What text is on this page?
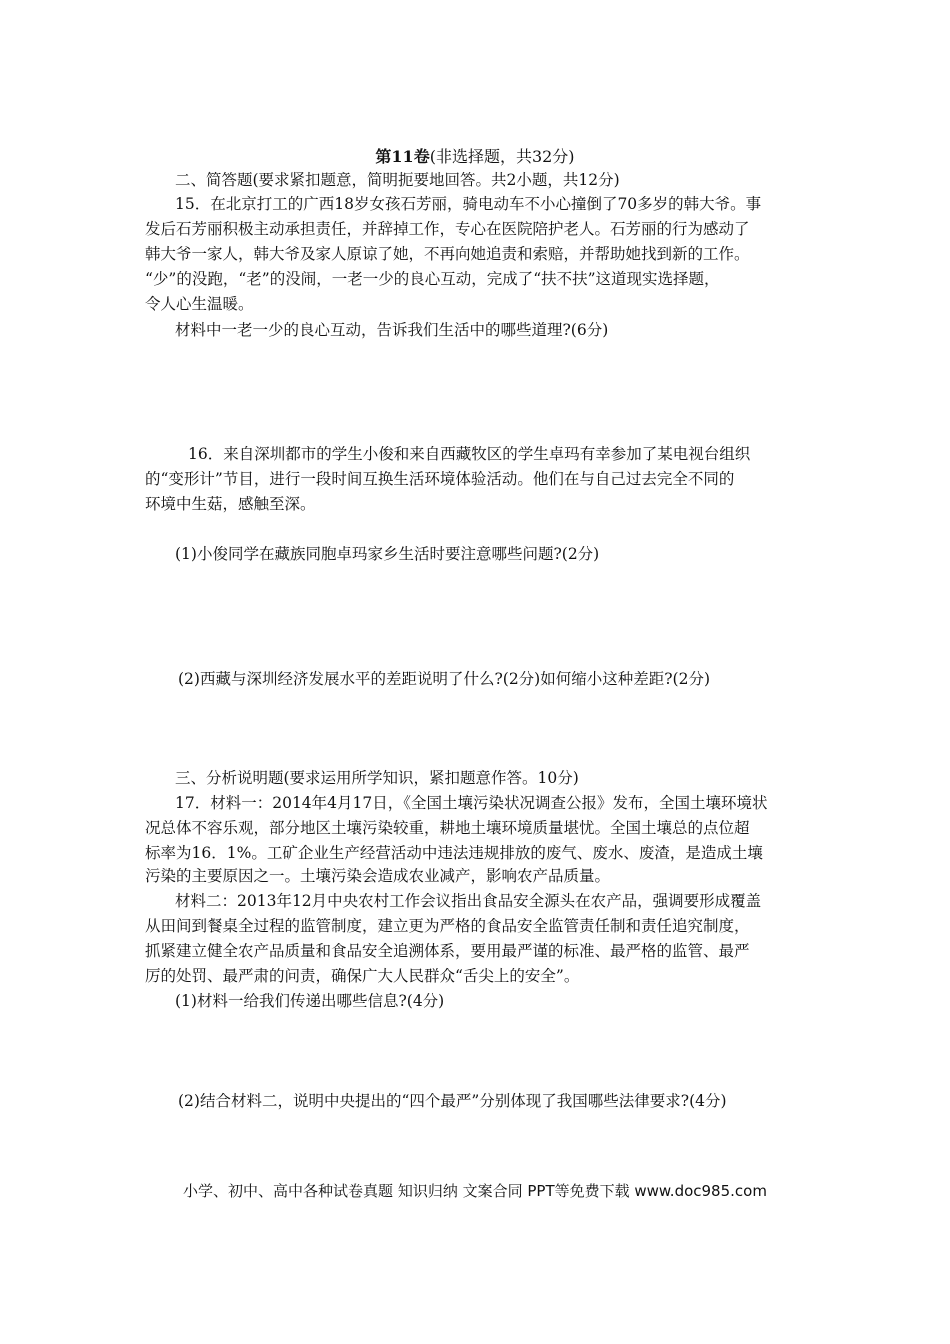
第11卷(非选择题，共32分)
二、简答题(要求紧扣题意，简明扼要地回答。共2小题，共12分)
15．在北京打工的广西18岁女孩石芳丽，骑电动车不小心撞倒了70多岁的韩大爷。事
发后石芳丽积极主动承担责任，并辞掉工作，专心在医院陪护老人。石芳丽的行为感动了
韩大爷一家人，韩大爷及家人原谅了她，不再向她追责和索赔，并帮助她找到新的工作。
“少”的没跑，“老”的没闹，一老一少的良心互动，完成了“扶不扶”这道现实选择题，
令人心生温暖。
材料中一老一少的良心互动，告诉我们生活中的哪些道理?(6分)
16．来自深圳都市的学生小俊和来自西藏牧区的学生卓玛有幸参加了某电视台组织
的“变形计”节目，进行一段时间互换生活环境体验活动。他们在与自己过去完全不同的
环境中生菇，感触至深。
(1)小俊同学在藏族同胞卓玛家乡生活时要注意哪些问题?(2分)
(2)西藏与深圳经济发展水平的差距说明了什么?(2分)如何缩小这种差距?(2分)
三、分析说明题(要求运用所学知识，紧扣题意作答。10分)
17．材料一：2014年4月17日，《全国土壤污染状况调查公报》发布，全国土壤环境状
况总体不容乐观，部分地区土壤污染较重，耕地土壤环境质量堪忧。全国土壤总的点位超
标率为16．1%。工矿企业生产经营活动中违法违规排放的废气、废水、废渣，是造成土壤
污染的主要原因之一。土壤污染会造成农业减产，影响农产品质量。
材料二：2013年12月中央农村工作会议指出食品安全源头在农产品，强调要形成覆盖
从田间到餐桌全过程的监管制度，建立更为严格的食品安全监管责任制和责任追究制度，
抓紧建立健全农产品质量和食品安全追溯体系，要用最严谨的标准、最严格的监管、最严
厉的处罚、最严肃的问责，确保广大人民群众“舌尖上的安全”。
(1)材料一给我们传递出哪些信息?(4分)
(2)结合材料二，说明中央提出的“四个最严”分别体现了我国哪些法律要求?(4分)
小学、初中、高中各种试卷真题 知识归纳 文案合同 PPT等免费下载 www.doc985.com
